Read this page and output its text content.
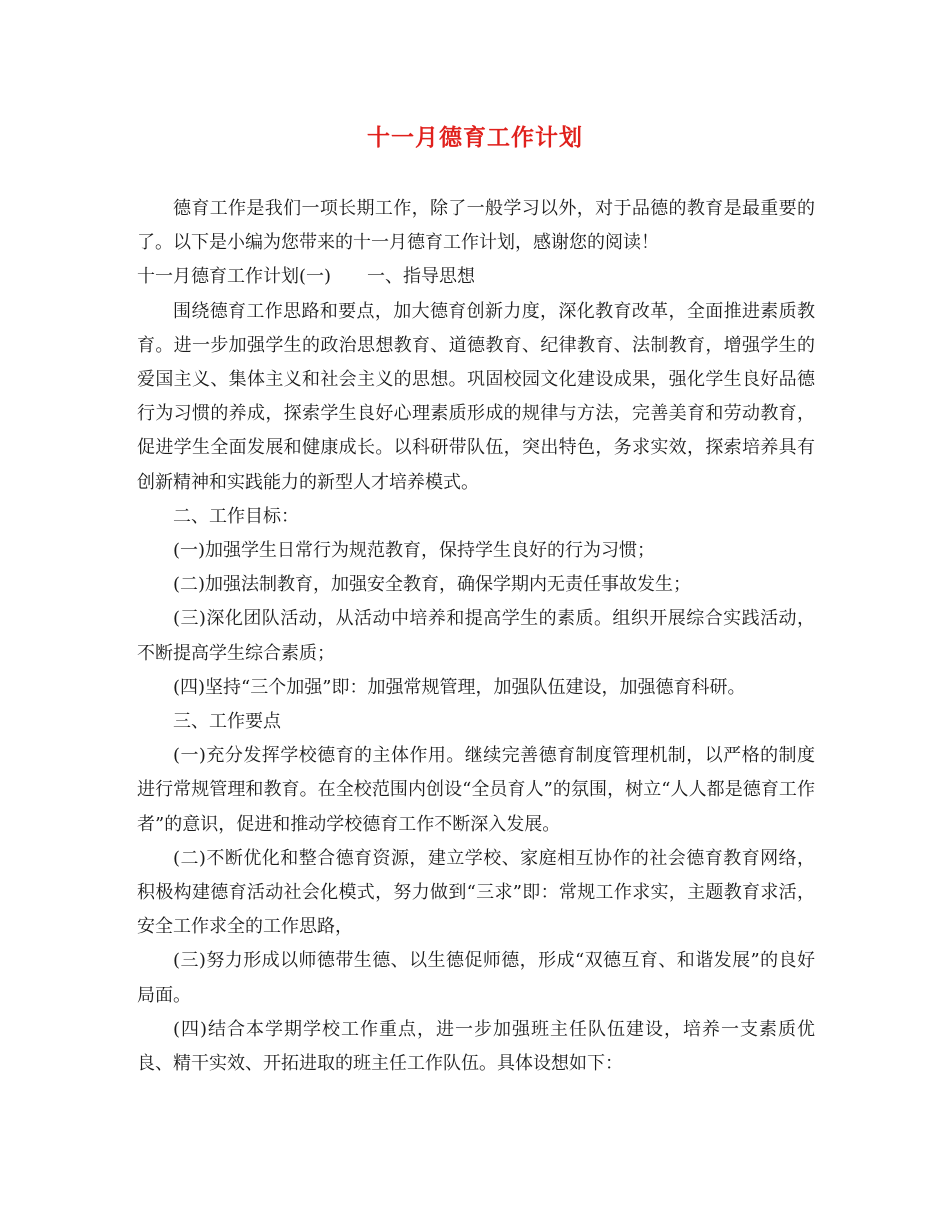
十一月德育工作计划

德育工作是我们一项长期工作，除了一般学习以外，对于品德的教育是最重要的了。以下是小编为您带来的十一月德育工作计划，感谢您的阅读！

十一月德育工作计划(一)　　一、指导思想

围绕德育工作思路和要点，加大德育创新力度，深化教育改革，全面推进素质教育。进一步加强学生的政治思想教育、道德教育、纪律教育、法制教育，增强学生的爱国主义、集体主义和社会主义的思想。巩固校园文化建设成果，强化学生良好品德行为习惯的养成，探索学生良好心理素质形成的规律与方法，完善美育和劳动教育，促进学生全面发展和健康成长。以科研带队伍，突出特色，务求实效，探索培养具有创新精神和实践能力的新型人才培养模式。

二、工作目标：

(一)加强学生日常行为规范教育，保持学生良好的行为习惯；

(二)加强法制教育，加强安全教育，确保学期内无责任事故发生；

(三)深化团队活动，从活动中培养和提高学生的素质。组织开展综合实践活动，不断提高学生综合素质；

(四)坚持“三个加强”即：加强常规管理，加强队伍建设，加强德育科研。

三、工作要点

(一)充分发挥学校德育的主体作用。继续完善德育制度管理机制，以严格的制度进行常规管理和教育。在全校范围内创设“全员育人”的氛围，树立“人人都是德育工作者”的意识，促进和推动学校德育工作不断深入发展。

(二)不断优化和整合德育资源，建立学校、家庭相互协作的社会德育教育网络，积极构建德育活动社会化模式，努力做到“三求”即：常规工作求实，主题教育求活，安全工作求全的工作思路，

(三)努力形成以师德带生德、以生德促师德，形成“双德互育、和谐发展”的良好局面。

(四)结合本学期学校工作重点，进一步加强班主任队伍建设，培养一支素质优良、精干实效、开拓进取的班主任工作队伍。具体设想如下：
